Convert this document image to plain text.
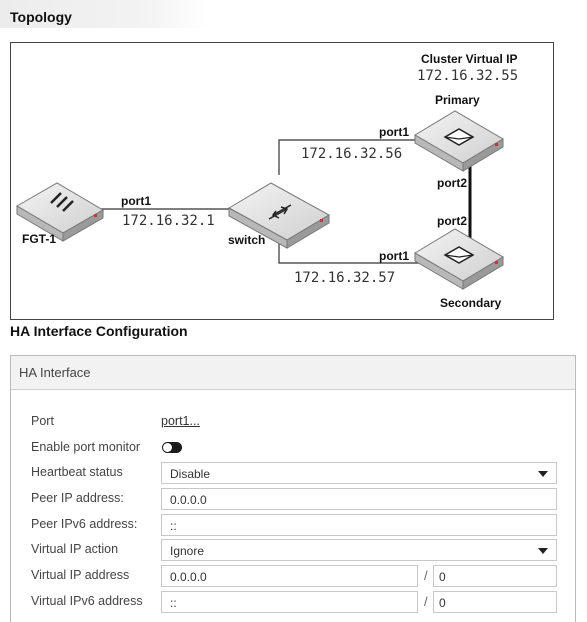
Topology
Cluster Virtual IP
172.16.32.55
Primary
port1
172.16.32.56
port2
port2
port1
172.16.32.57
Secondary
port1
172.16.32.1
FGT-1	switch
HA Interface Configuration
HA Interface
Port	port1...
Enable port monitor
Heartbeat status	Disable
Peer IP address:	0.0.0.0
Peer IPv6 address:	::
Virtual IP action	Ignore
Virtual IP address	0.0.0.0	/ 0
Virtual IPv6 address	::	/ 0
